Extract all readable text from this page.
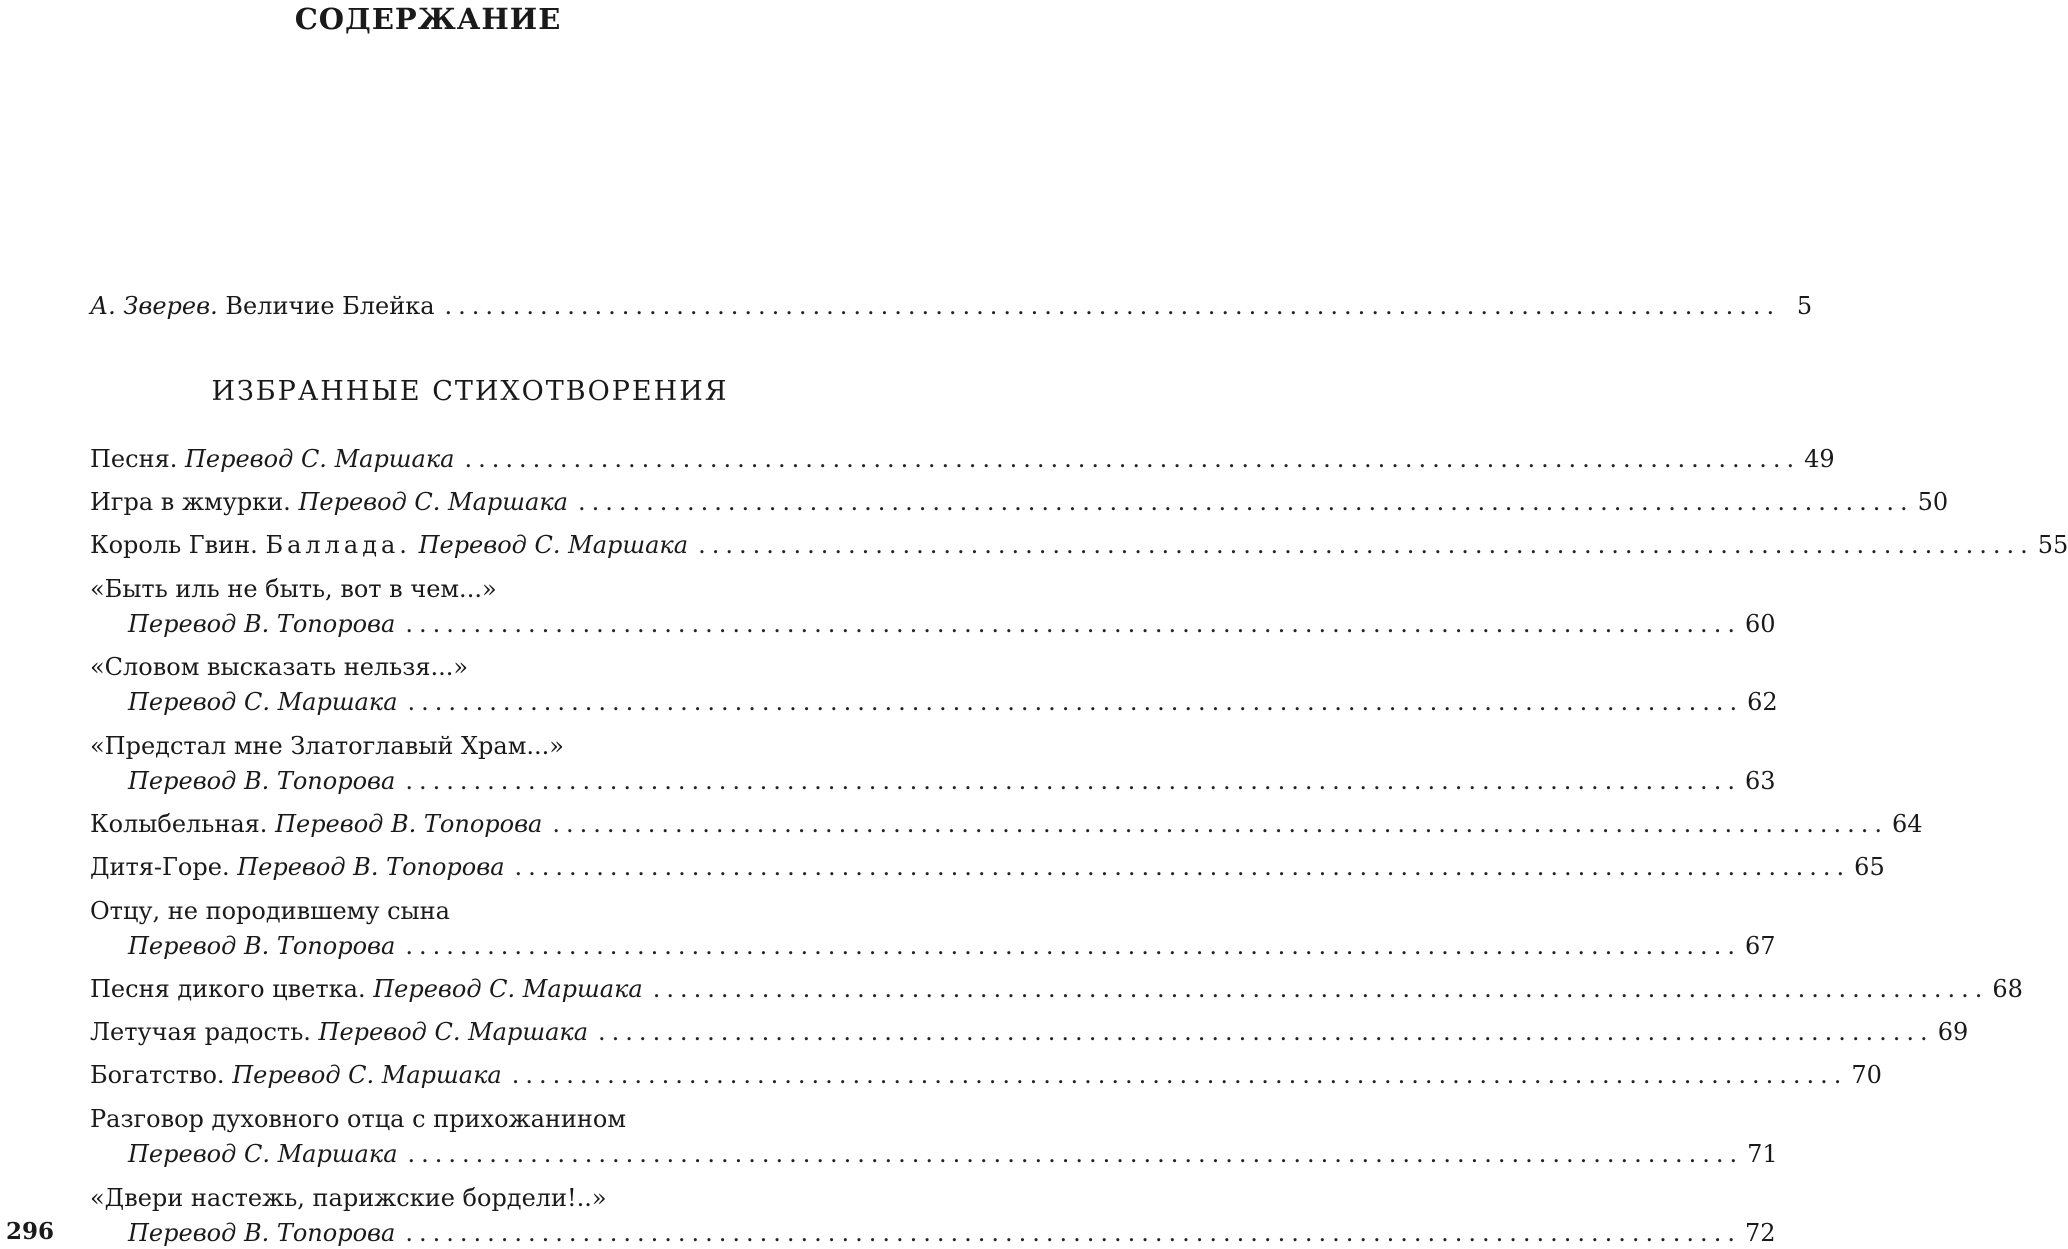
СОДЕРЖАНИЕ
А. Зверев. Величие Блейка .................................................................................................. 5
ИЗБРАННЫЕ СТИХОТВОРЕНИЯ
Песня. Перевод С. Маршака .................................................................................................. 49
Игра в жмурки. Перевод С. Маршака .................................................................................................. 50
Король Гвин. Баллада. Перевод С. Маршака .................................................................................................. 55
«Быть иль не быть, вот в чем...»
Перевод В. Топорова .................................................................................................. 60
«Словом высказать нельзя...»
Перевод С. Маршака .................................................................................................. 62
«Предстал мне Златоглавый Храм...»
Перевод В. Топорова .................................................................................................. 63
Колыбельная. Перевод В. Топорова .................................................................................................. 64
Дитя-Горе. Перевод В. Топорова .................................................................................................. 65
Отцу, не породившему сына
Перевод В. Топорова .................................................................................................. 67
Песня дикого цветка. Перевод С. Маршака .................................................................................................. 68
Летучая радость. Перевод С. Маршака .................................................................................................. 69
Богатство. Перевод С. Маршака .................................................................................................. 70
Разговор духовного отца с прихожанином
Перевод С. Маршака .................................................................................................. 71
«Двери настежь, парижские бордели!..»
Перевод В. Топорова .................................................................................................. 72
296
